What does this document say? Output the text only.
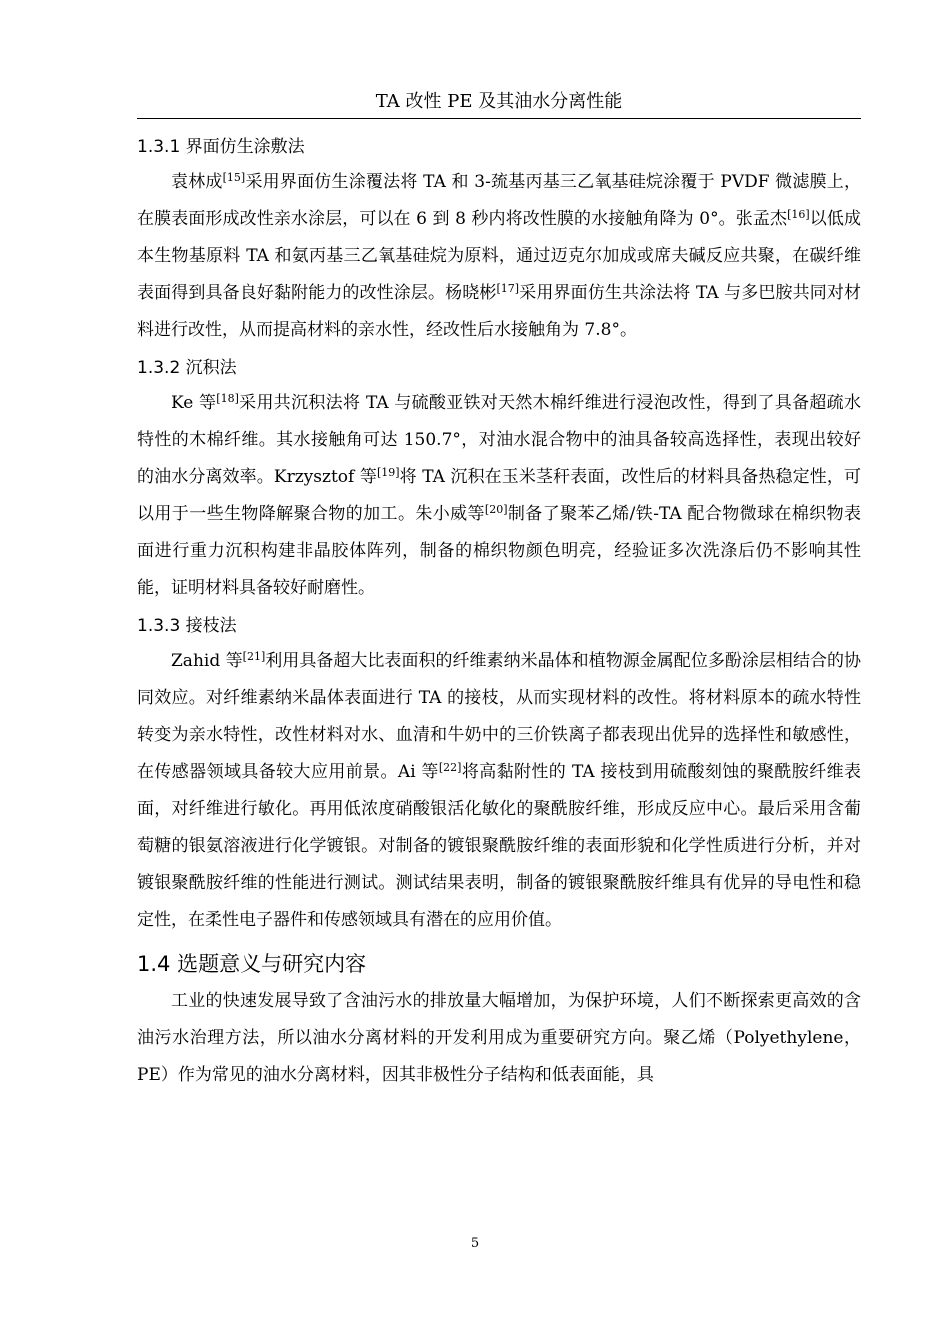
TA 改性 PE 及其油水分离性能
1.3.1 界面仿生涂敷法

袁林成[15]采用界面仿生涂覆法将 TA 和 3-巯基丙基三乙氧基硅烷涂覆于 PVDF 微滤膜上，在膜表面形成改性亲水涂层，可以在 6 到 8 秒内将改性膜的水接触角降为 0°。张孟杰[16]以低成本生物基原料 TA 和氨丙基三乙氧基硅烷为原料，通过迈克尔加成或席夫碱反应共聚，在碳纤维表面得到具备良好黏附能力的改性涂层。杨晓彬[17]采用界面仿生共涂法将 TA 与多巴胺共同对材料进行改性，从而提高材料的亲水性，经改性后水接触角为 7.8°。

1.3.2 沉积法

Ke 等[18]采用共沉积法将 TA 与硫酸亚铁对天然木棉纤维进行浸泡改性，得到了具备超疏水特性的木棉纤维。其水接触角可达 150.7°，对油水混合物中的油具备较高选择性，表现出较好的油水分离效率。Krzysztof 等[19]将 TA 沉积在玉米茎秆表面，改性后的材料具备热稳定性，可以用于一些生物降解聚合物的加工。朱小威等[20]制备了聚苯乙烯/铁-TA 配合物微球在棉织物表面进行重力沉积构建非晶胶体阵列，制备的棉织物颜色明亮，经验证多次洗涤后仍不影响其性能，证明材料具备较好耐磨性。

1.3.3 接枝法

Zahid 等[21]利用具备超大比表面积的纤维素纳米晶体和植物源金属配位多酚涂层相结合的协同效应。对纤维素纳米晶体表面进行 TA 的接枝，从而实现材料的改性。将材料原本的疏水特性转变为亲水特性，改性材料对水、血清和牛奶中的三价铁离子都表现出优异的选择性和敏感性，在传感器领域具备较大应用前景。Ai 等[22]将高黏附性的 TA 接枝到用硫酸刻蚀的聚酰胺纤维表面，对纤维进行敏化。再用低浓度硝酸银活化敏化的聚酰胺纤维，形成反应中心。最后采用含葡萄糖的银氨溶液进行化学镀银。对制备的镀银聚酰胺纤维的表面形貌和化学性质进行分析，并对镀银聚酰胺纤维的性能进行测试。测试结果表明，制备的镀银聚酰胺纤维具有优异的导电性和稳定性，在柔性电子器件和传感领域具有潜在的应用价值。

1.4 选题意义与研究内容

工业的快速发展导致了含油污水的排放量大幅增加，为保护环境，人们不断探索更高效的含油污水治理方法，所以油水分离材料的开发利用成为重要研究方向。聚乙烯（Polyethylene，PE）作为常见的油水分离材料，因其非极性分子结构和低表面能，具

5
